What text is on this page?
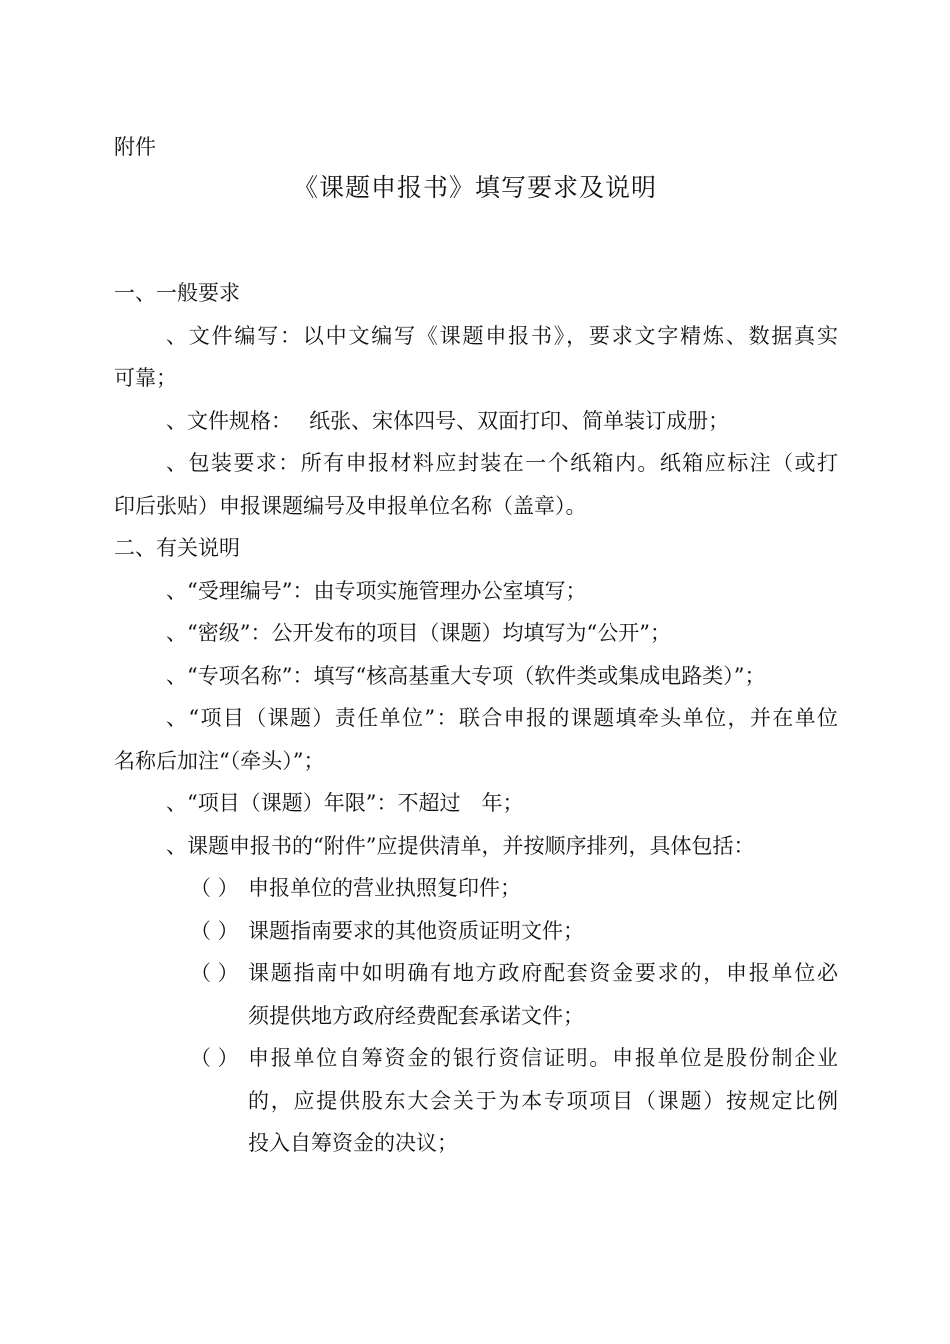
附件
《课题申报书》填写要求及说明
一、一般要求
、文件编写：以中文编写《课题申报书》，要求文字精炼、数据真实
可靠；
、文件规格：　 纸张、宋体四号、双面打印、简单装订成册；
、包装要求：所有申报材料应封装在一个纸箱内。纸箱应标注（或打
印后张贴）申报课题编号及申报单位名称（盖章）。
二、有关说明
、“受理编号”：由专项实施管理办公室填写；
、“密级”：公开发布的项目（课题）均填写为“公开”；
、“专项名称”：填写“核高基重大专项（软件类或集成电路类）”；
、“项目（课题）责任单位”：联合申报的课题填牵头单位，并在单位
名称后加注“（牵头）”；
、“项目（课题）年限”：不超过　年；
、课题申报书的“附件”应提供清单，并按顺序排列，具体包括：
（ ） 申报单位的营业执照复印件；
（ ） 课题指南要求的其他资质证明文件；
（ ） 课题指南中如明确有地方政府配套资金要求的，申报单位必
须提供地方政府经费配套承诺文件；
（ ） 申报单位自筹资金的银行资信证明。申报单位是股份制企业
的，应提供股东大会关于为本专项项目（课题）按规定比例
投入自筹资金的决议；
